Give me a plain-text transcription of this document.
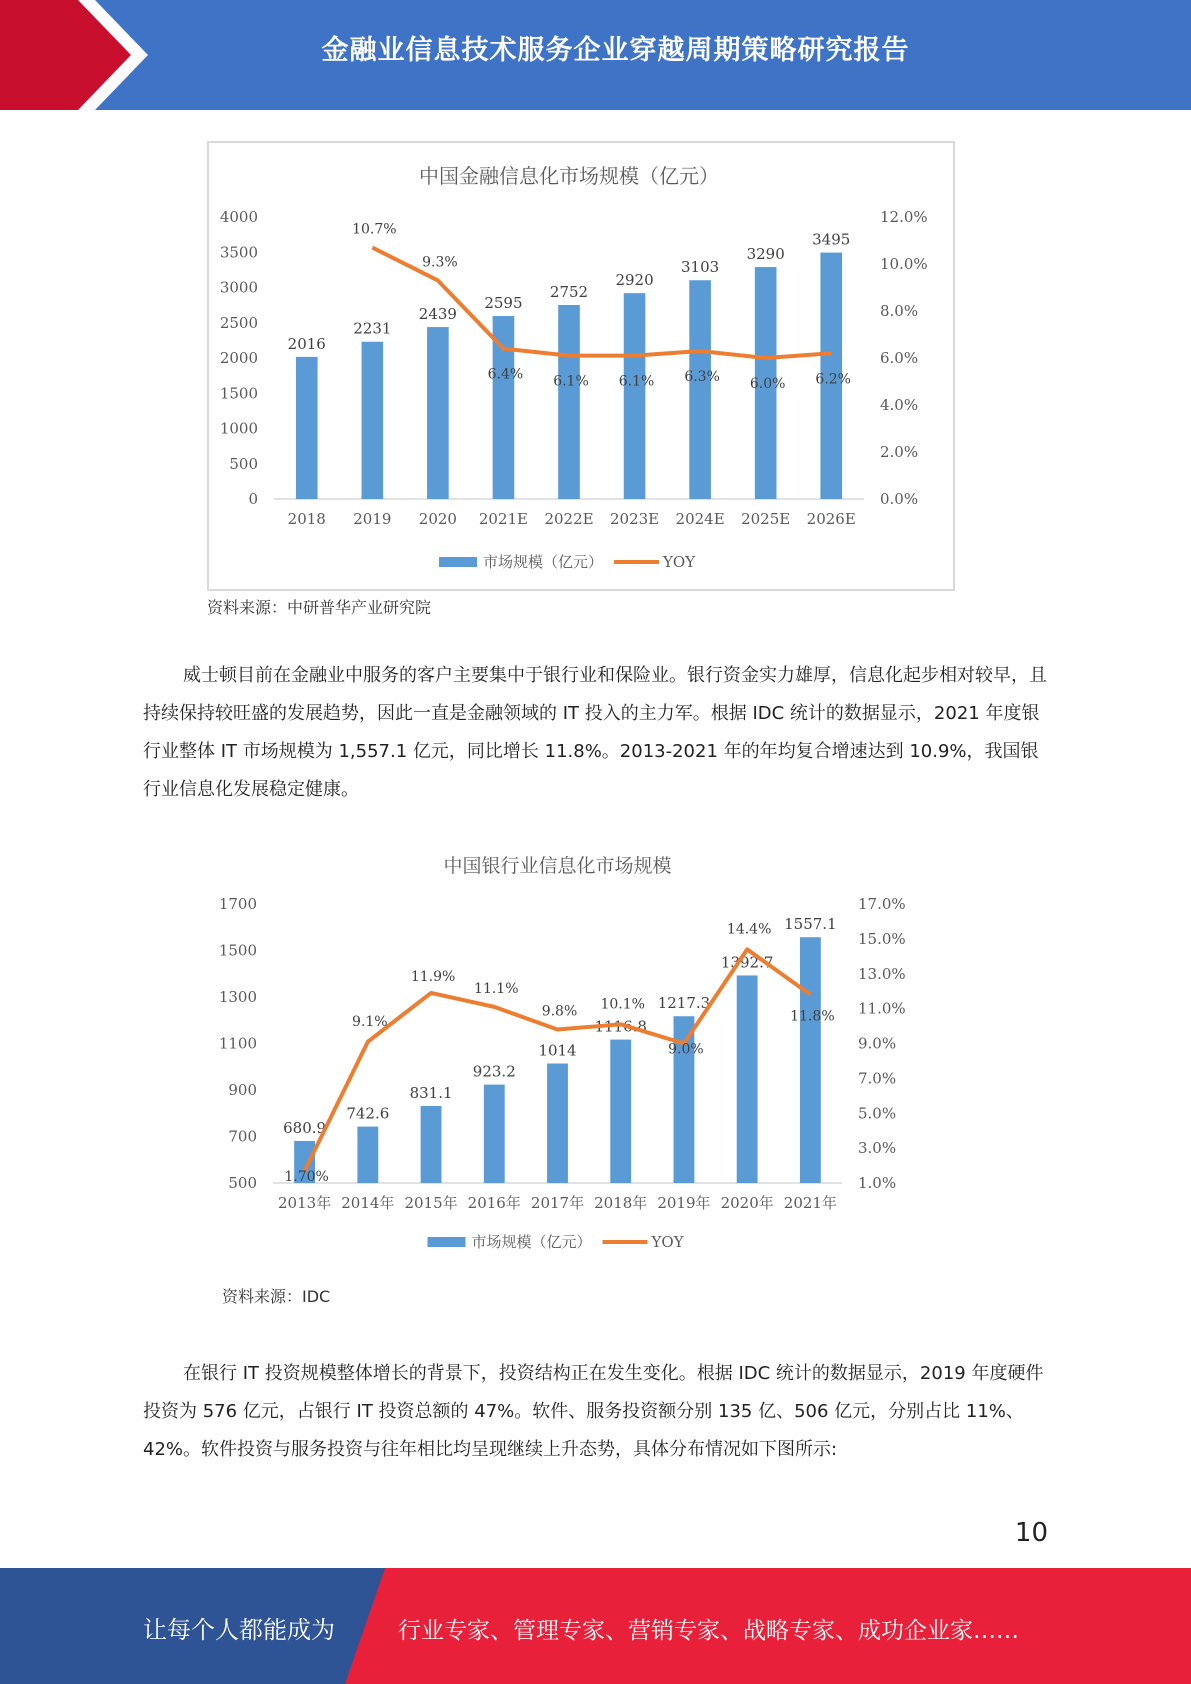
金融业信息技术服务企业穿越周期策略研究报告
中国金融信息化市场规模（亿元）
0
500
1000
1500
2000
2500
3000
3500
4000
0.0%
2.0%
4.0%
6.0%
8.0%
10.0%
12.0%
2016
2018
2231
2019
2439
2020
2595
2021E
2752
2022E
2920
2023E
3103
2024E
3290
2025E
3495
2026E
10.7%
9.3%
6.4% 6.1% 6.1% 6.3% 6.0% 6.2%
市场规模（亿元）	YOY
资料来源：中研普华产业研究院

威士顿目前在金融业中服务的客户主要集中于银行业和保险业。银行资金实力雄厚，信息化起步相对较早，且持续保持较旺盛的发展趋势，因此一直是金融领域的 IT 投入的主力军。根据 IDC 统计的数据显示，2021 年度银行业整体 IT 市场规模为 1,557.1 亿元，同比增长 11.8%。2013-2021 年的年均复合增速达到 10.9%，我国银行业信息化发展稳定健康。

中国银行业信息化市场规模
500
700
900
1100
1300
1500
1700
1.0%
3.0%
5.0%
7.0%
9.0%
11.0%
13.0%
15.0%
17.0%
680.9
2013年
742.6
2014年
831.1
2015年
923.2
2016年
1014
2017年
1116.8
2018年
1217.3
2019年
1392.7
2020年
1557.1
2021年
1.70%
9.1%
11.9%
11.1%
9.8% 10.1%
9.0%
14.4%
11.8%
市场规模（亿元）	YOY
资料来源：IDC

在银行 IT 投资规模整体增长的背景下，投资结构正在发生变化。根据 IDC 统计的数据显示，2019 年度硬件投资为 576 亿元，占银行 IT 投资总额的 47%。软件、服务投资额分别 135 亿、506 亿元，分别占比 11%、42%。软件投资与服务投资与往年相比均呈现继续上升态势，具体分布情况如下图所示:

10
让每个人都能成为	行业专家、管理专家、营销专家、战略专家、成功企业家……
